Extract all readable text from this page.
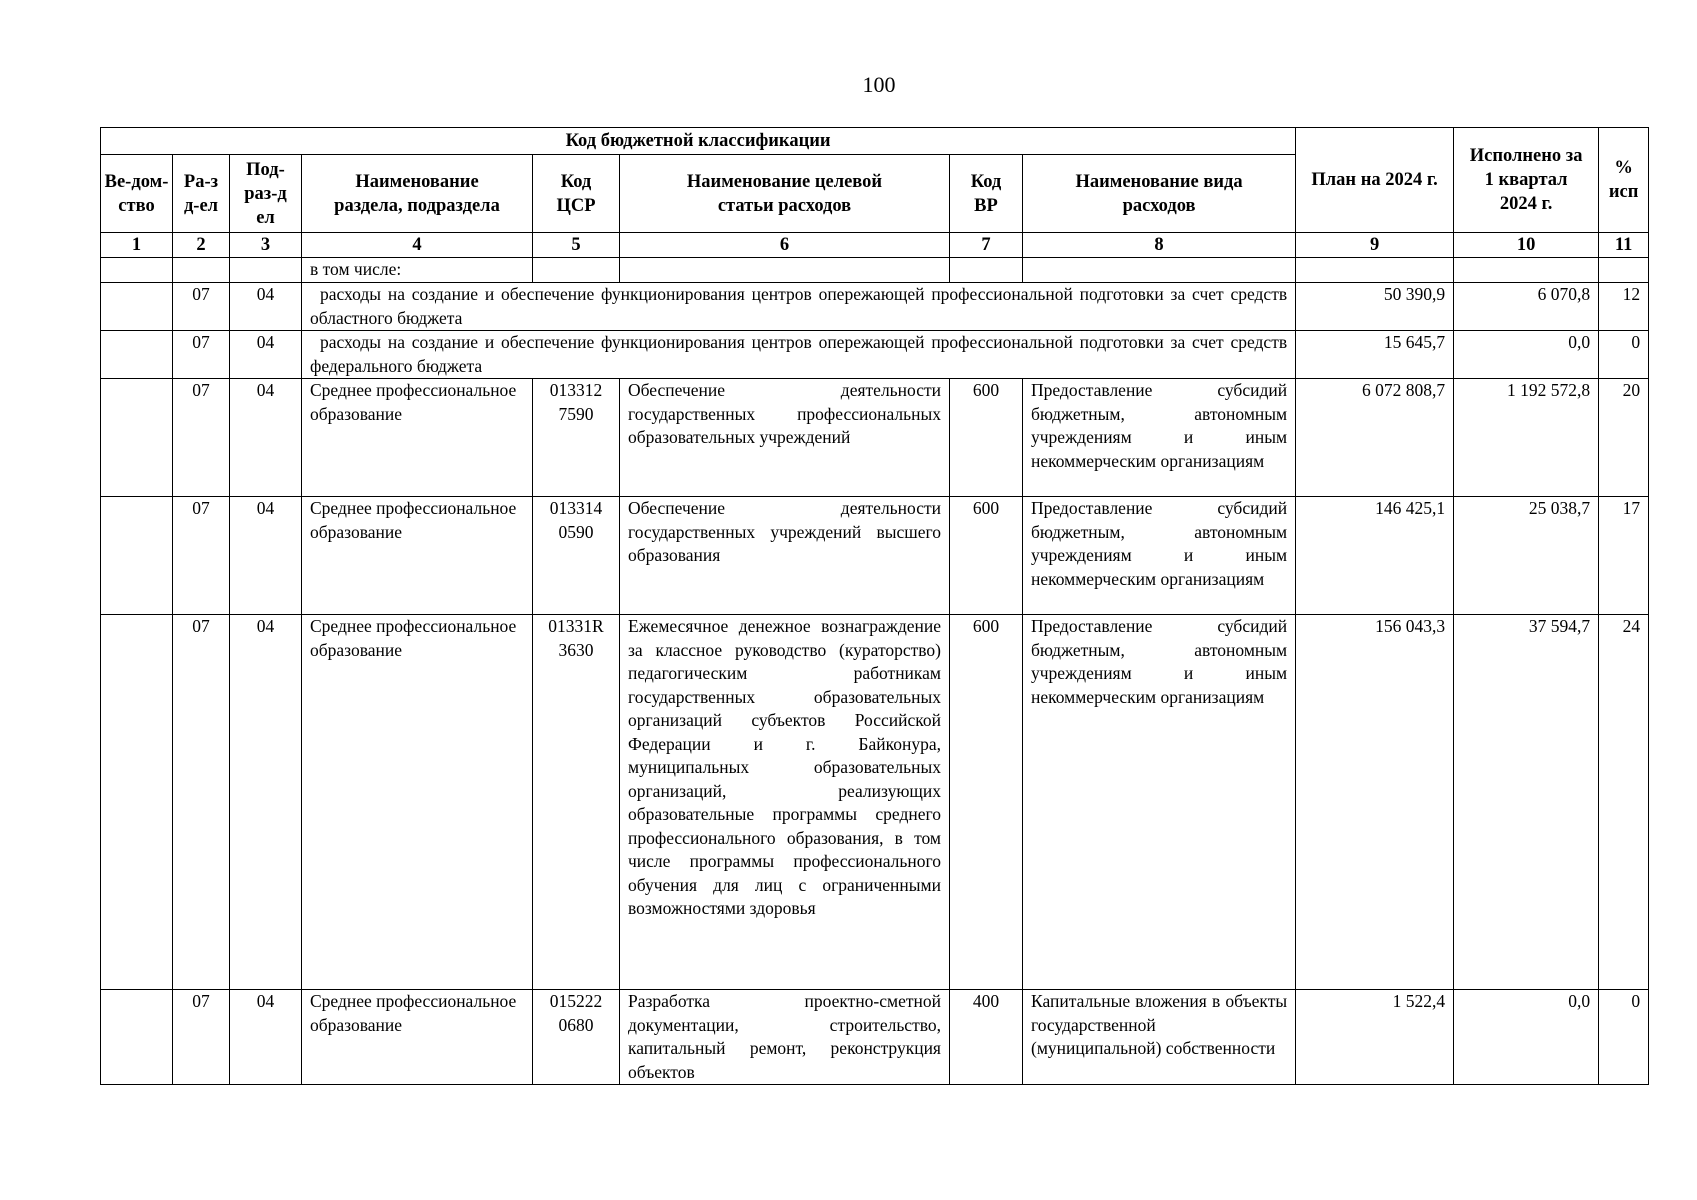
100
Код бюджетной классификации								План на 2024 г.	Исполнено за 1 квартал 2024 г.	% исп
Ве-дом-ство	Ра-зд-ел	Под-раз-дел	Наименование раздела, подраздела	Код ЦСР	Наименование целевой статьи расходов	Код ВР	Наименование вида расходов			
1	2	3	4	5	6	7	8	9	10	11
			в том числе:							
	07	04	расходы на создание и обеспечение функционирования центров опережающей профессиональной подготовки за счет средств областного бюджета					50 390,9	6 070,8	12
	07	04	расходы на создание и обеспечение функционирования центров опережающей профессиональной подготовки за счет средств федерального бюджета					15 645,7	0,0	0
	07	04	Среднее профессиональное образование	013312 7590	Обеспечение деятельности государственных профессиональных образовательных учреждений	600	Предоставление субсидий бюджетным, автономным учреждениям и иным некоммерческим организациям	6 072 808,7	1 192 572,8	20
	07	04	Среднее профессиональное образование	013314 0590	Обеспечение деятельности государственных учреждений высшего образования	600	Предоставление субсидий бюджетным, автономным учреждениям и иным некоммерческим организациям	146 425,1	25 038,7	17
	07	04	Среднее профессиональное образование	01331R 3630	Ежемесячное денежное вознаграждение за классное руководство (кураторство) педагогическим работникам государственных образовательных организаций субъектов Российской Федерации и г. Байконура, муниципальных образовательных организаций, реализующих образовательные программы среднего профессионального образования, в том числе программы профессионального обучения для лиц с ограниченными возможностями здоровья	600	Предоставление субсидий бюджетным, автономным учреждениям и иным некоммерческим организациям	156 043,3	37 594,7	24
	07	04	Среднее профессиональное образование	015222 0680	Разработка проектно-сметной документации, строительство, капитальный ремонт, реконструкция объектов	400	Капитальные вложения в объекты государственной (муниципальной) собственности	1 522,4	0,0	0
